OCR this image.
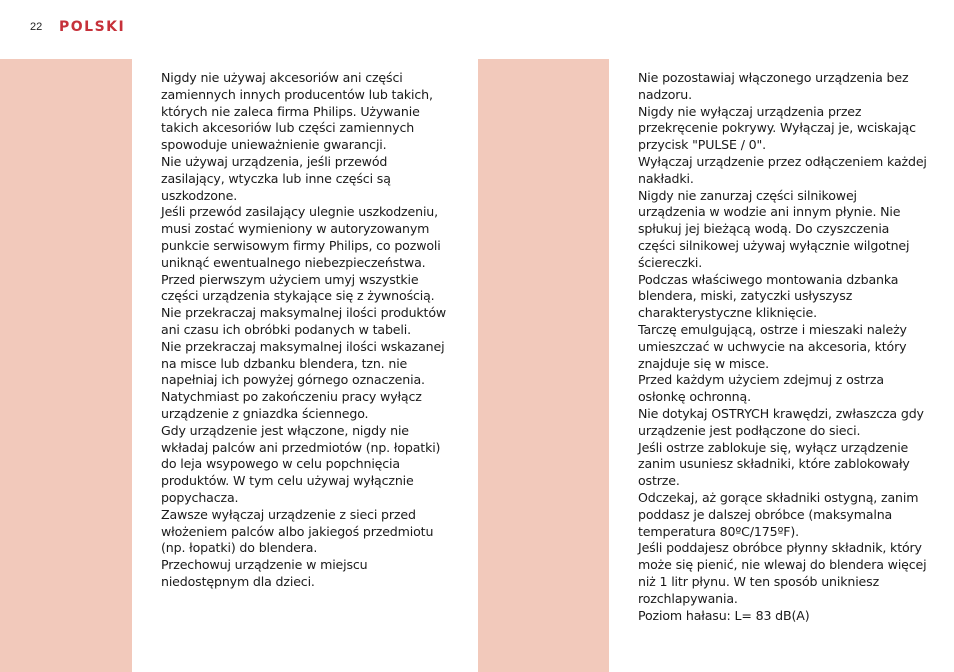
22 POLSKI

Nigdy nie używaj akcesoriów ani części zamiennych innych producentów lub takich, których nie zaleca firma Philips. Używanie takich akcesoriów lub części zamiennych spowoduje unieważnienie gwarancji.

Nie używaj urządzenia, jeśli przewód zasilający, wtyczka lub inne części są uszkodzone.

Jeśli przewód zasilający ulegnie uszkodzeniu, musi zostać wymieniony w autoryzowanym punkcie serwisowym firmy Philips, co pozwoli uniknąć ewentualnego niebezpieczeństwa.

Przed pierwszym użyciem umyj wszystkie części urządzenia stykające się z żywnością.

Nie przekraczaj maksymalnej ilości produktów ani czasu ich obróbki podanych w tabeli.

Nie przekraczaj maksymalnej ilości wskazanej na misce lub dzbanku blendera, tzn. nie napełniaj ich powyżej górnego oznaczenia.

Natychmiast po zakończeniu pracy wyłącz urządzenie z gniazdka ściennego.

Gdy urządzenie jest włączone, nigdy nie wkładaj palców ani przedmiotów (np. łopatki) do leja wsypowego w celu popchnięcia produktów. W tym celu używaj wyłącznie popychacza.

Zawsze wyłączaj urządzenie z sieci przed włożeniem palców albo jakiegoś przedmiotu (np. łopatki) do blendera.

Przechowuj urządzenie w miejscu niedostępnym dla dzieci.

Nie pozostawiaj włączonego urządzenia bez nadzoru.

Nigdy nie wyłączaj urządzenia przez przekręcenie pokrywy. Wyłączaj je, wciskając przycisk "PULSE / 0".

Wyłączaj urządzenie przez odłączeniem każdej nakładki.

Nigdy nie zanurzaj części silnikowej urządzenia w wodzie ani innym płynie. Nie spłukuj jej bieżącą wodą. Do czyszczenia części silnikowej używaj wyłącznie wilgotnej ściereczki.

Podczas właściwego montowania dzbanka blendera, miski, zatyczki usłyszysz charakterystyczne kliknięcie.

Tarczę emulgującą, ostrze i mieszaki należy umieszczać w uchwycie na akcesoria, który znajduje się w misce.

Przed każdym użyciem zdejmuj z ostrza osłonkę ochronną.

Nie dotykaj OSTRYCH krawędzi, zwłaszcza gdy urządzenie jest podłączone do sieci.

Jeśli ostrze zablokuje się, wyłącz urządzenie zanim usuniesz składniki, które zablokowały ostrze.

Odczekaj, aż gorące składniki ostygną, zanim poddasz je dalszej obróbce (maksymalna temperatura 80ºC/175ºF).

Jeśli poddajesz obróbce płynny składnik, który może się pienić, nie wlewaj do blendera więcej niż 1 litr płynu. W ten sposób unikniesz rozchlapywania.

Poziom hałasu: L= 83 dB(A)
